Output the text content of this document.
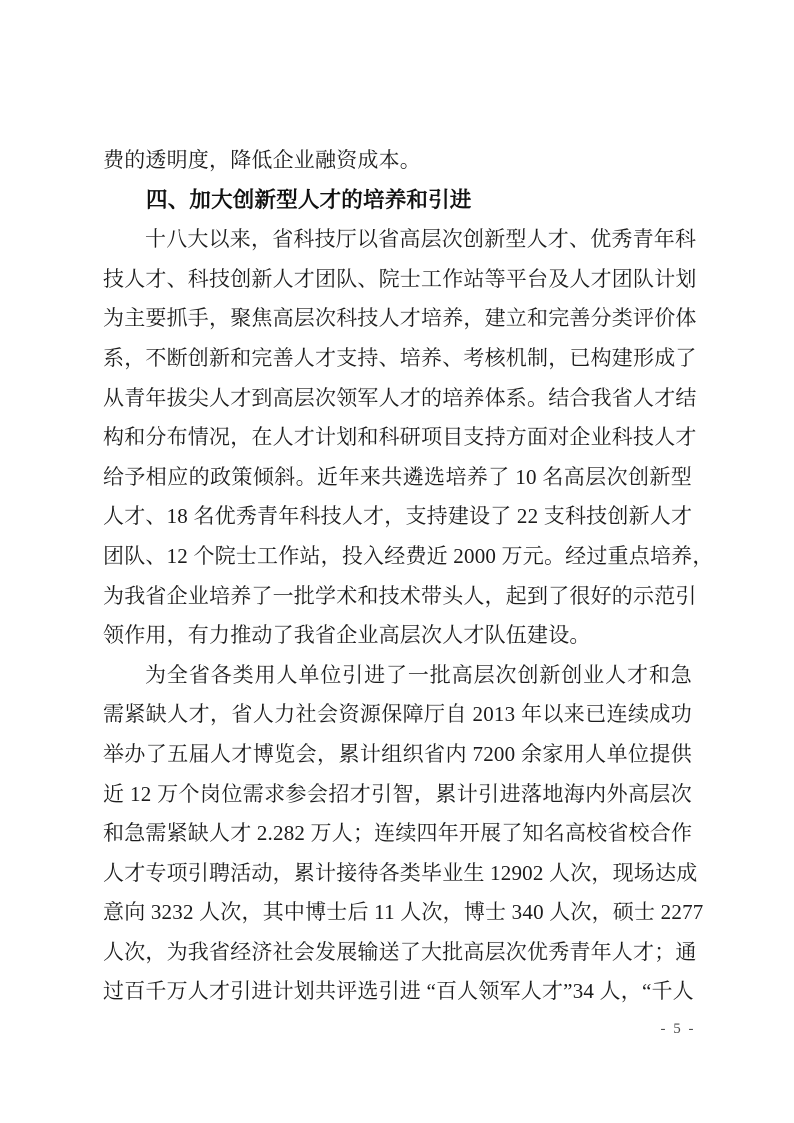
费的透明度，降低企业融资成本。
四、加大创新型人才的培养和引进
十八大以来，省科技厅以省高层次创新型人才、优秀青年科
技人才、科技创新人才团队、院士工作站等平台及人才团队计划
为主要抓手，聚焦高层次科技人才培养，建立和完善分类评价体
系，不断创新和完善人才支持、培养、考核机制，已构建形成了
从青年拔尖人才到高层次领军人才的培养体系。结合我省人才结
构和分布情况，在人才计划和科研项目支持方面对企业科技人才
给予相应的政策倾斜。近年来共遴选培养了 10 名高层次创新型
人才、18 名优秀青年科技人才，支持建设了 22 支科技创新人才
团队、12 个院士工作站，投入经费近 2000 万元。经过重点培养，
为我省企业培养了一批学术和技术带头人，起到了很好的示范引
领作用，有力推动了我省企业高层次人才队伍建设。
为全省各类用人单位引进了一批高层次创新创业人才和急
需紧缺人才，省人力社会资源保障厅自 2013 年以来已连续成功
举办了五届人才博览会，累计组织省内 7200 余家用人单位提供
近 12 万个岗位需求参会招才引智，累计引进落地海内外高层次
和急需紧缺人才 2.282 万人；连续四年开展了知名高校省校合作
人才专项引聘活动，累计接待各类毕业生 12902 人次，现场达成
意向 3232 人次，其中博士后 11 人次，博士 340 人次，硕士 2277
人次，为我省经济社会发展输送了大批高层次优秀青年人才；通
过百千万人才引进计划共评选引进 “百人领军人才”34 人，“千人
- 5 -
